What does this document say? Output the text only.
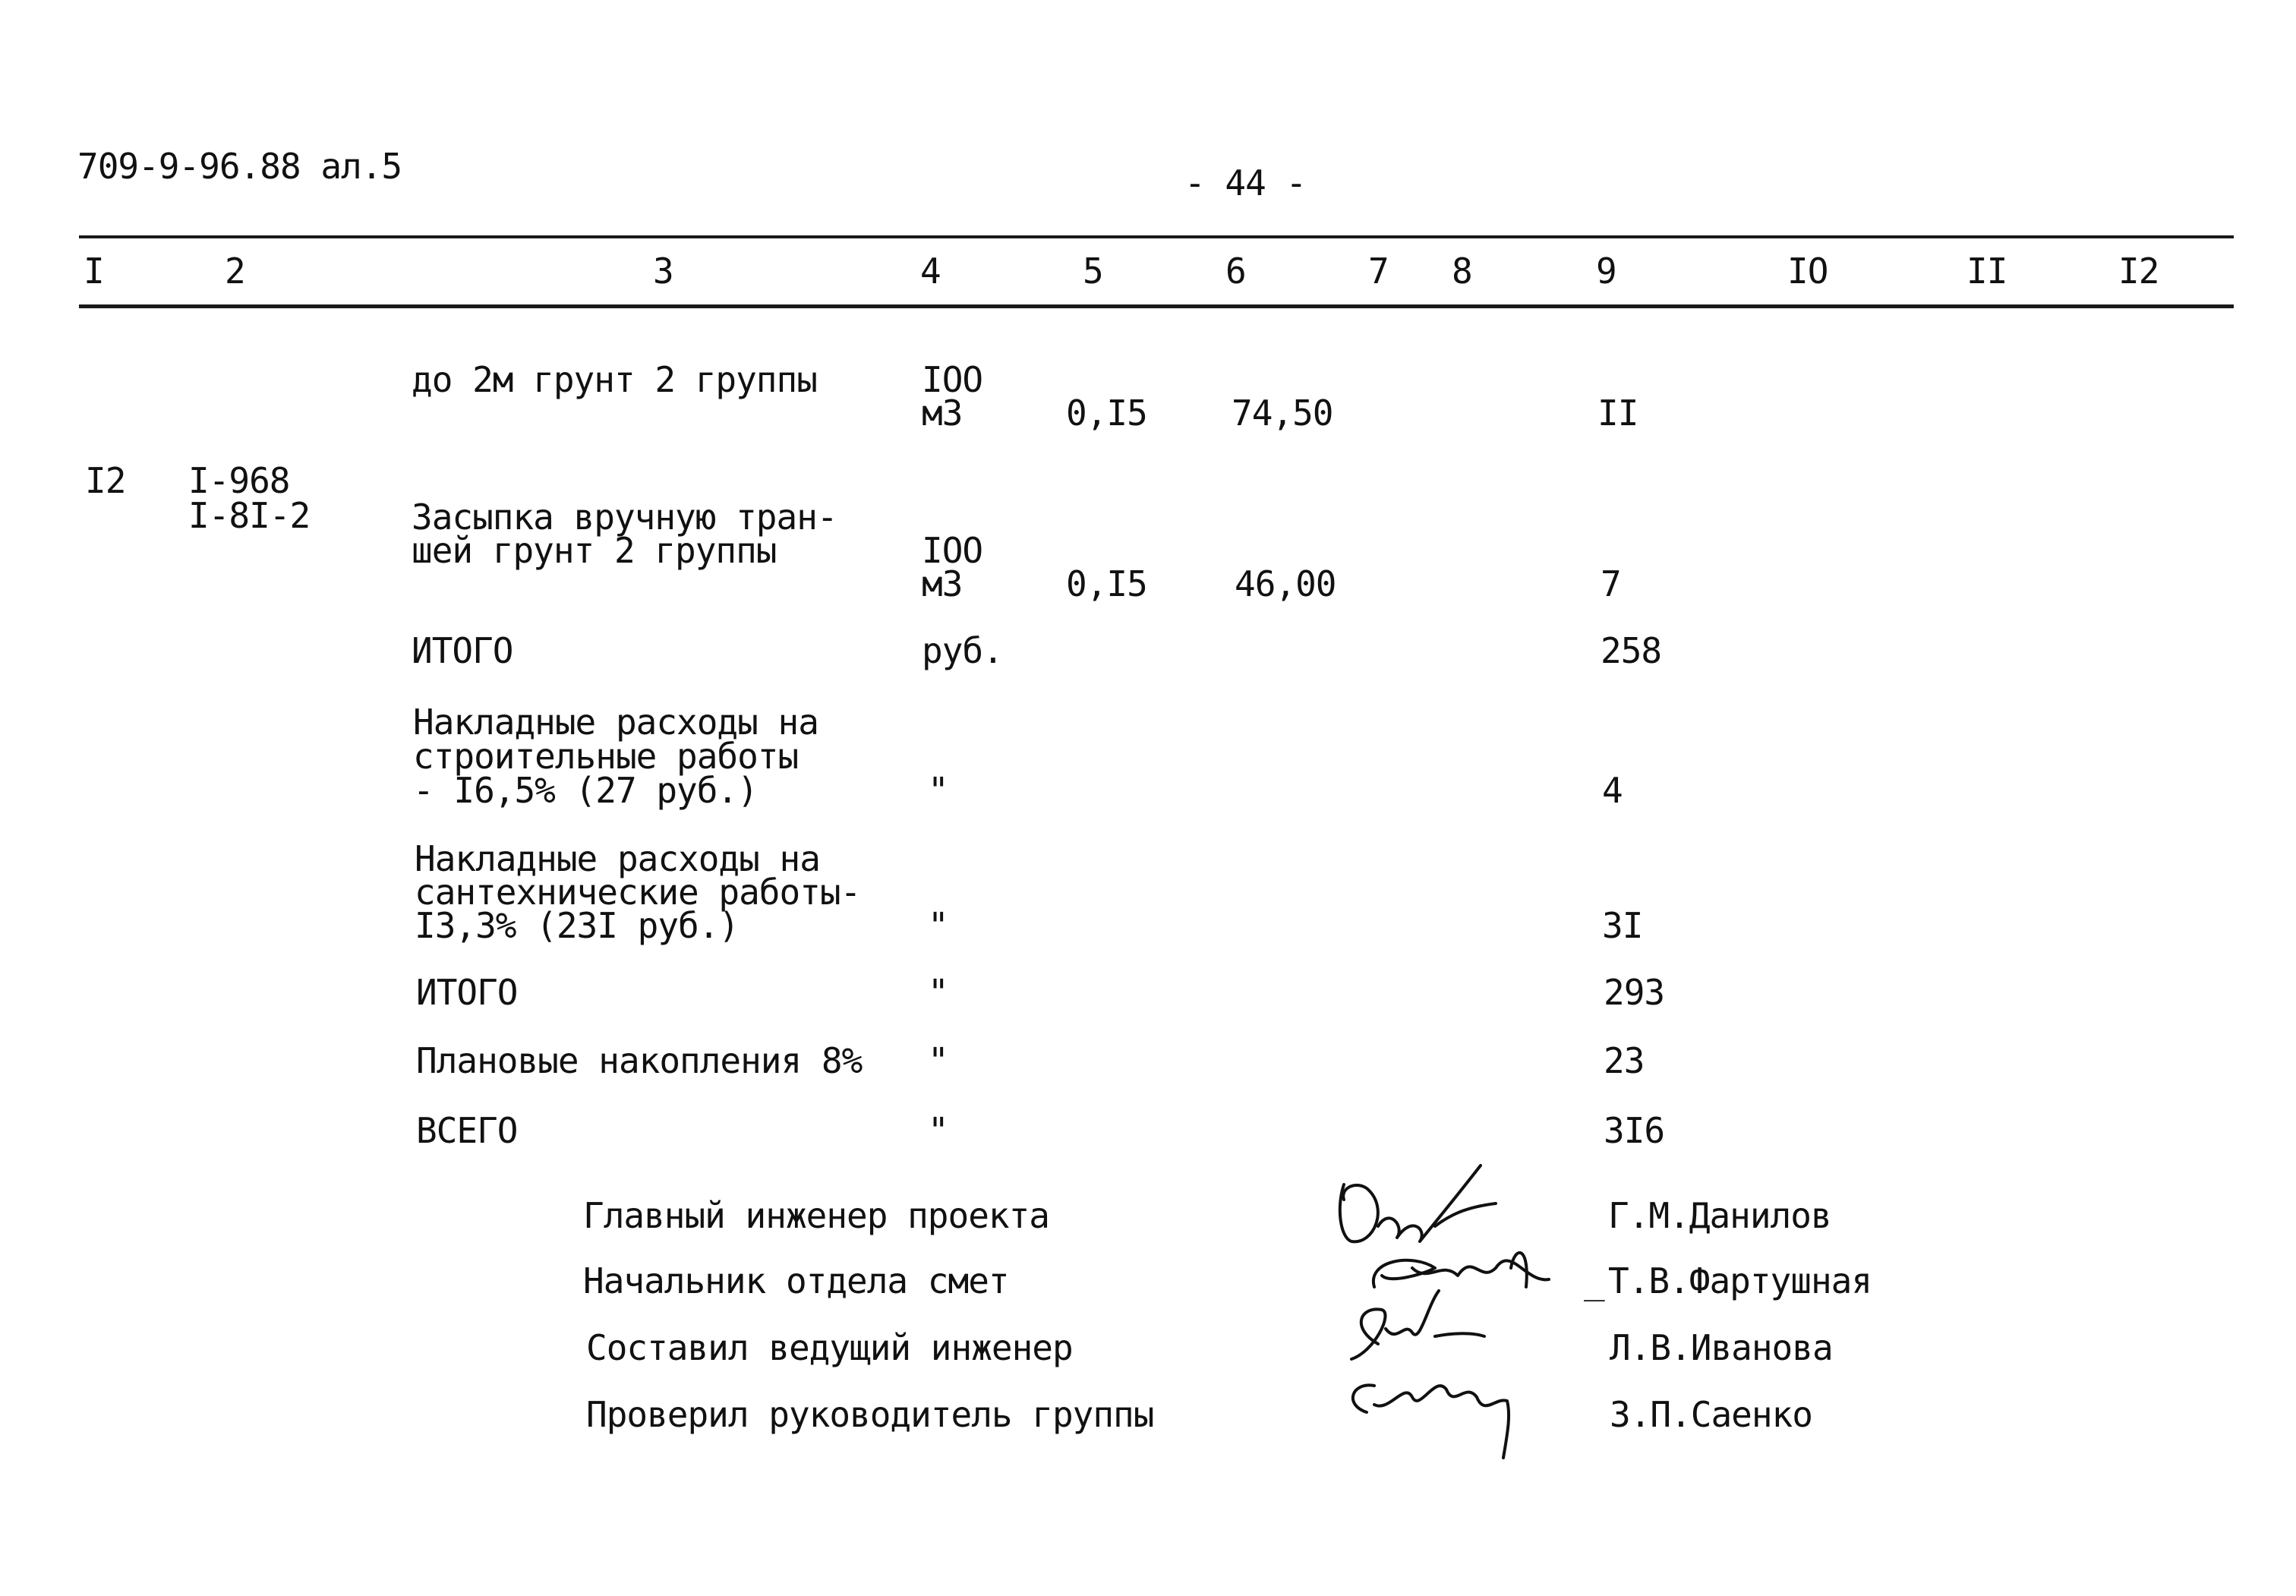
709-9-96.88 ал.5	- 44 -
I	2	3	4	5	6	7 8	9	IO	II	I2
до 2м грунт 2 группы	IOO
м3	0,I5 74,50	II
I2 I-968
I-8I-2	Засыпка вручную тран-
шей грунт 2 группы	IOO
м3	0,I5	46,00	7
ИТОГО	руб.	258
Накладные расходы на
строительные работы
- I6,5% (27 руб.)	"	4
Накладные расходы на
сантехнические работы-
I3,3% (23I руб.)	"	3I
ИТОГО	"	293
Плановые накопления 8% "	23
ВСЕГО	"	3I6
Главный инженер проекта	Г.М.Данилов
Начальник отдела смет	_ Т.В.Фартушная
Составил ведущий инженер	Л.В.Иванова
Проверил руководитель группы	З.П.Саенко
